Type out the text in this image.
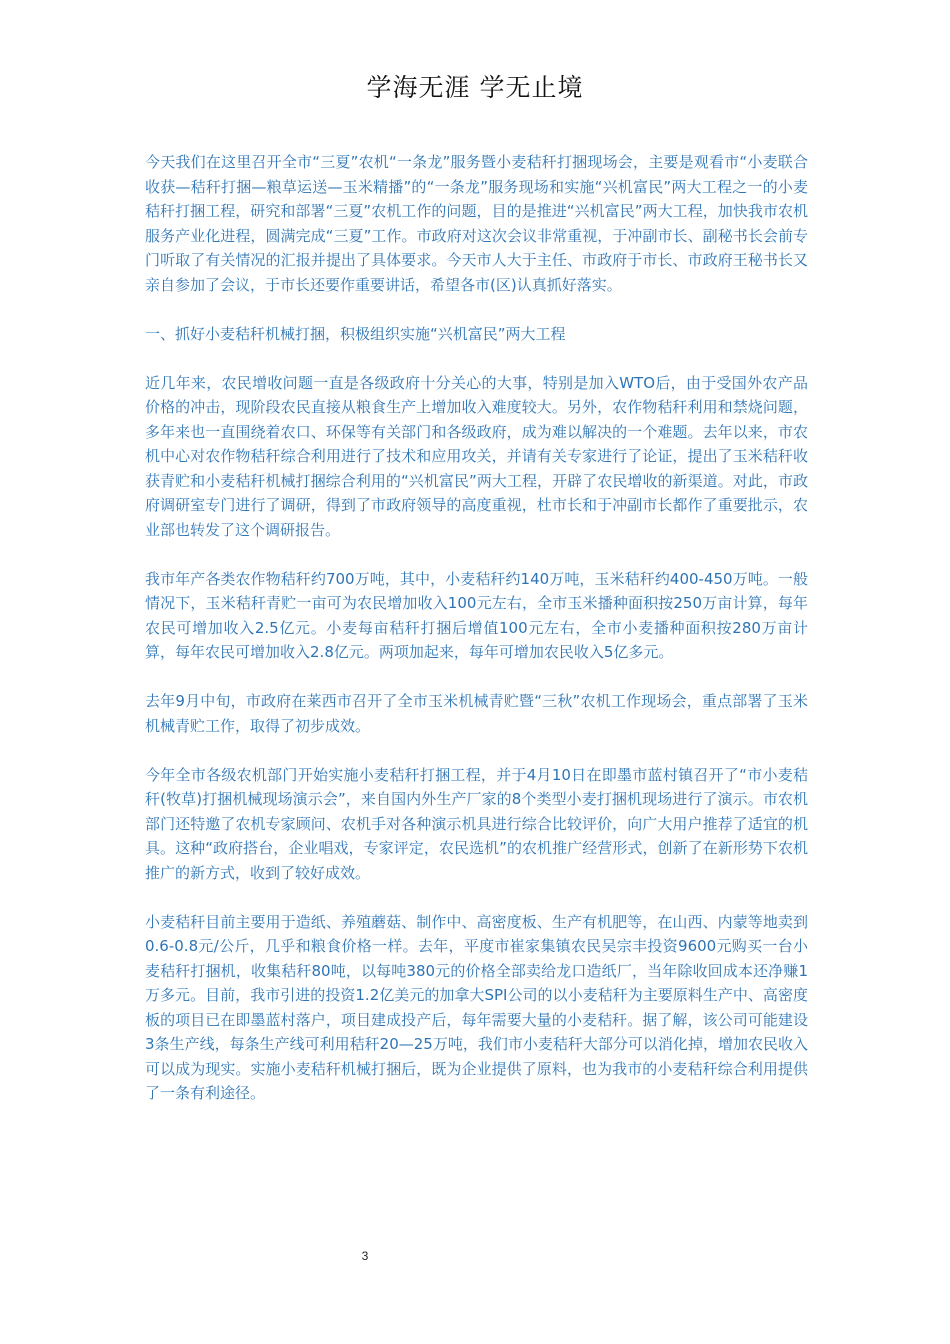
学海无涯 学无止境

今天我们在这里召开全市“三夏”农机“一条龙”服务暨小麦秸秆打捆现场会，主要是观看市“小麦联合收获—秸秆打捆—粮草运送—玉米精播”的“一条龙”服务现场和实施“兴机富民”两大工程之一的小麦秸秆打捆工程，研究和部署“三夏”农机工作的问题，目的是推进“兴机富民”两大工程，加快我市农机服务产业化进程，圆满完成“三夏”工作。市政府对这次会议非常重视，于冲副市长、副秘书长会前专门听取了有关情况的汇报并提出了具体要求。今天市人大于主任、市政府于市长、市政府王秘书长又亲自参加了会议，于市长还要作重要讲话，希望各市(区)认真抓好落实。

一、抓好小麦秸秆机械打捆，积极组织实施“兴机富民”两大工程

近几年来，农民增收问题一直是各级政府十分关心的大事，特别是加入WTO后，由于受国外农产品价格的冲击，现阶段农民直接从粮食生产上增加收入难度较大。另外，农作物秸秆利用和禁烧问题，多年来也一直围绕着农口、环保等有关部门和各级政府，成为难以解决的一个难题。去年以来，市农机中心对农作物秸秆综合利用进行了技术和应用攻关，并请有关专家进行了论证，提出了玉米秸秆收获青贮和小麦秸秆机械打捆综合利用的“兴机富民”两大工程，开辟了农民增收的新渠道。对此，市政府调研室专门进行了调研，得到了市政府领导的高度重视，杜市长和于冲副市长都作了重要批示，农业部也转发了这个调研报告。

我市年产各类农作物秸秆约700万吨，其中，小麦秸秆约140万吨，玉米秸秆约400-450万吨。一般情况下，玉米秸秆青贮一亩可为农民增加收入100元左右，全市玉米播种面积按250万亩计算，每年农民可增加收入2.5亿元。小麦每亩秸秆打捆后增值100元左右，全市小麦播种面积按280万亩计算，每年农民可增加收入2.8亿元。两项加起来，每年可增加农民收入5亿多元。

去年9月中旬，市政府在莱西市召开了全市玉米机械青贮暨“三秋”农机工作现场会，重点部署了玉米机械青贮工作，取得了初步成效。

今年全市各级农机部门开始实施小麦秸秆打捆工程，并于4月10日在即墨市蓝村镇召开了“市小麦秸秆(牧草)打捆机械现场演示会”，来自国内外生产厂家的8个类型小麦打捆机现场进行了演示。市农机部门还特邀了农机专家顾问、农机手对各种演示机具进行综合比较评价，向广大用户推荐了适宜的机具。这种“政府搭台，企业唱戏，专家评定，农民选机”的农机推广经营形式，创新了在新形势下农机推广的新方式，收到了较好成效。

小麦秸秆目前主要用于造纸、养殖蘑菇、制作中、高密度板、生产有机肥等，在山西、内蒙等地卖到0.6-0.8元/公斤，几乎和粮食价格一样。去年，平度市崔家集镇农民吴宗丰投资9600元购买一台小麦秸秆打捆机，收集秸秆80吨，以每吨380元的价格全部卖给龙口造纸厂，当年除收回成本还净赚1万多元。目前，我市引进的投资1.2亿美元的加拿大SPI公司的以小麦秸秆为主要原料生产中、高密度板的项目已在即墨蓝村落户，项目建成投产后，每年需要大量的小麦秸秆。据了解，该公司可能建设3条生产线，每条生产线可利用秸秆20—25万吨，我们市小麦秸秆大部分可以消化掉，增加农民收入可以成为现实。实施小麦秸秆机械打捆后，既为企业提供了原料，也为我市的小麦秸秆综合利用提供了一条有利途径。

3
